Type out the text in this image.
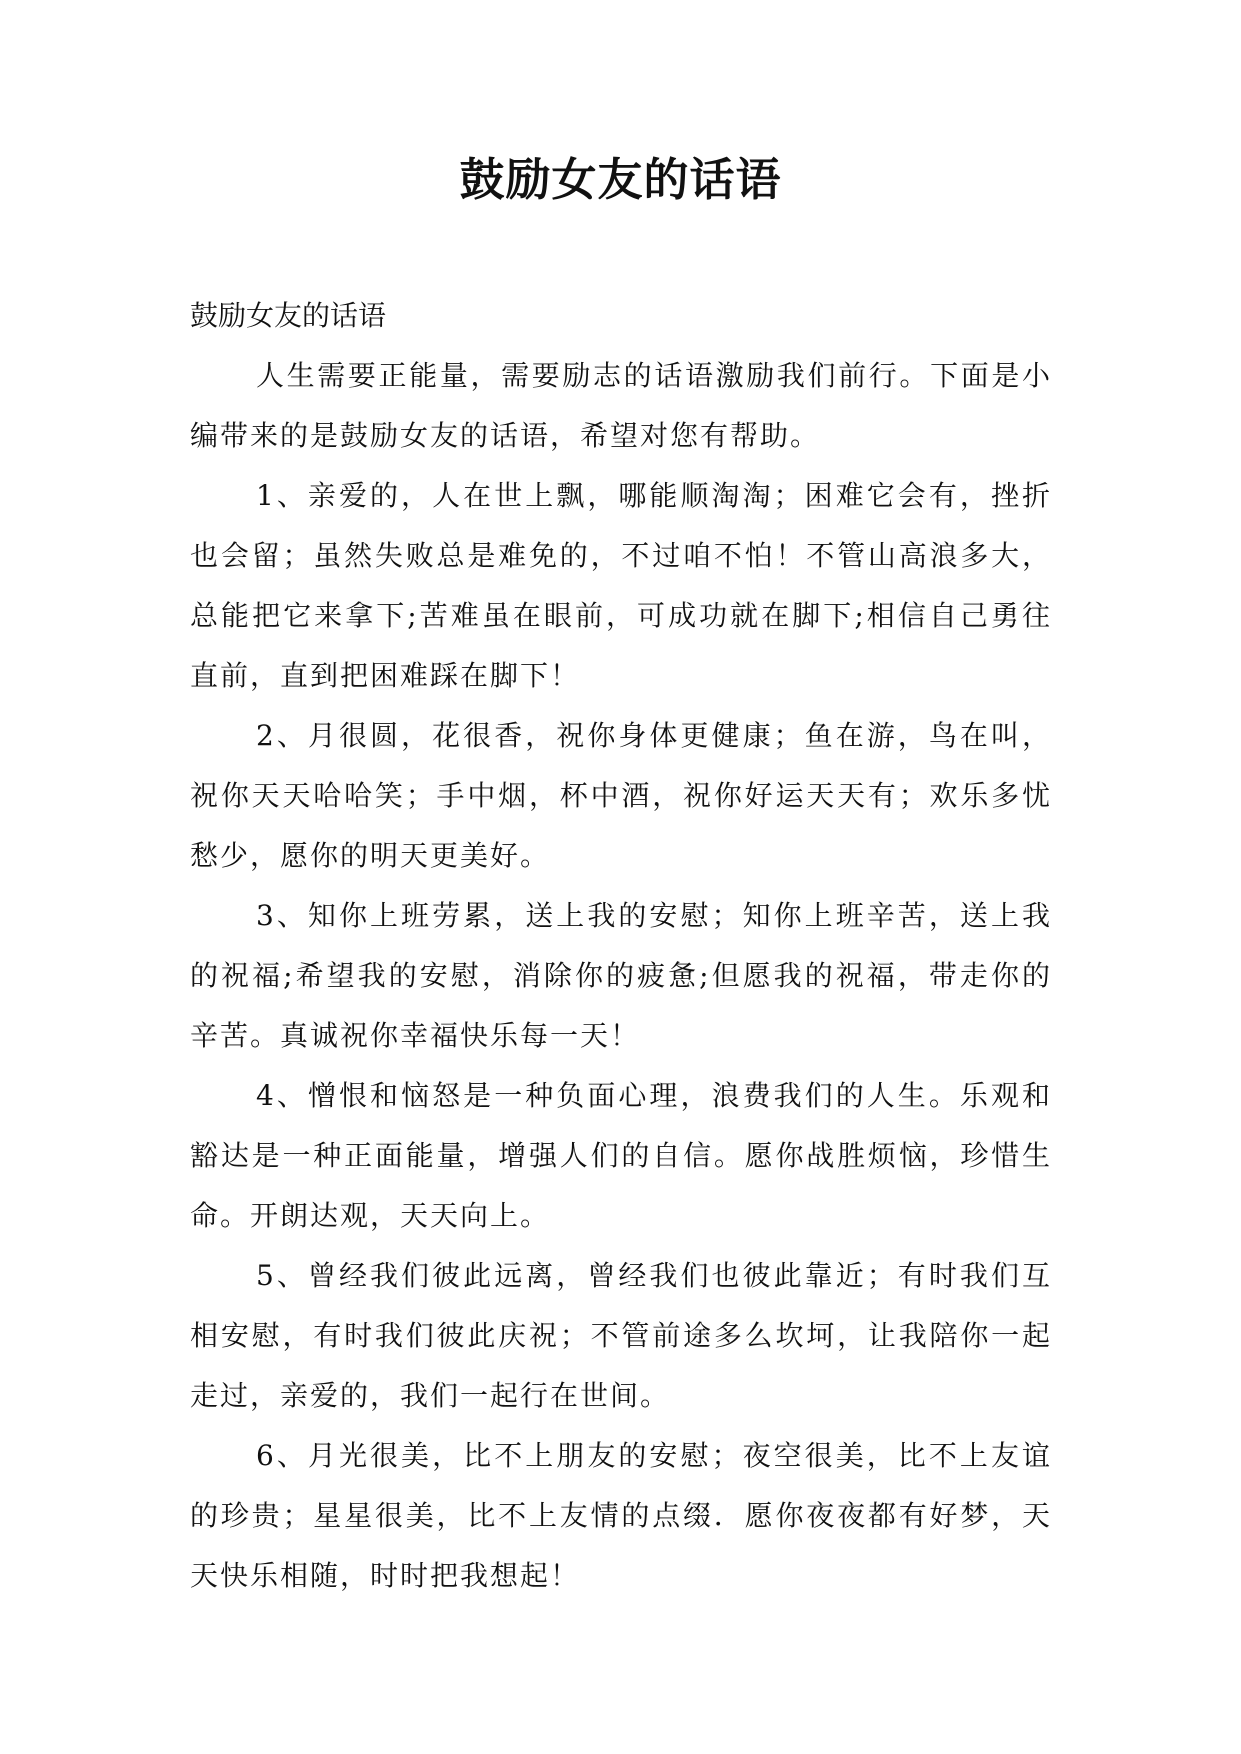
鼓励女友的话语

鼓励女友的话语

人生需要正能量，需要励志的话语激励我们前行。下面是小编带来的是鼓励女友的话语，希望对您有帮助。

1、亲爱的，人在世上飘，哪能顺淘淘；困难它会有，挫折也会留；虽然失败总是难免的，不过咱不怕！不管山高浪多大，总能把它来拿下;苦难虽在眼前，可成功就在脚下;相信自己勇往直前，直到把困难踩在脚下！

2、月很圆，花很香，祝你身体更健康；鱼在游，鸟在叫，祝你天天哈哈笑；手中烟，杯中酒，祝你好运天天有；欢乐多忧愁少，愿你的明天更美好。

3、知你上班劳累，送上我的安慰；知你上班辛苦，送上我的祝福;希望我的安慰，消除你的疲惫;但愿我的祝福，带走你的辛苦。真诚祝你幸福快乐每一天！

4、憎恨和恼怒是一种负面心理，浪费我们的人生。乐观和豁达是一种正面能量，增强人们的自信。愿你战胜烦恼，珍惜生命。开朗达观，天天向上。

5、曾经我们彼此远离，曾经我们也彼此靠近；有时我们互相安慰，有时我们彼此庆祝；不管前途多么坎坷，让我陪你一起走过，亲爱的，我们一起行在世间。

6、月光很美，比不上朋友的安慰；夜空很美，比不上友谊的珍贵；星星很美，比不上友情的点缀．愿你夜夜都有好梦，天天快乐相随，时时把我想起！
